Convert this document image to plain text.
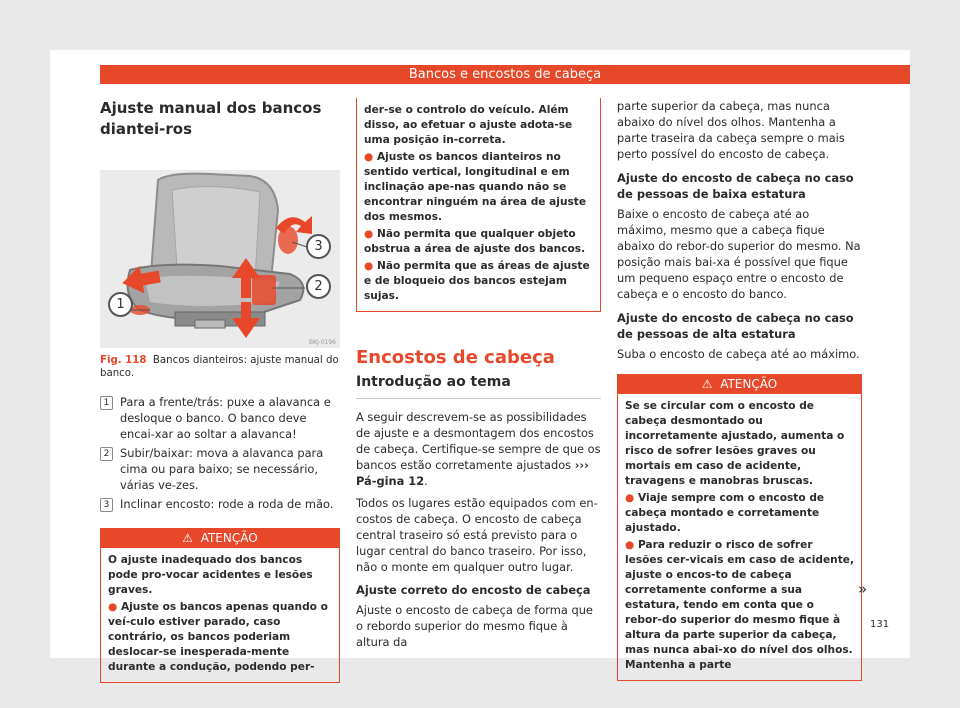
Bancos e encostos de cabeça

Ajuste manual dos bancos diantei-ros

1
2
3
BKJ-0196

Fig. 118 Bancos dianteiros: ajuste manual do banco.

1 Para a frente/trás: puxe a alavanca e desloque o banco. O banco deve encai-xar ao soltar a alavanca!
2 Subir/baixar: mova a alavanca para cima ou para baixo; se necessário, várias ve-zes.
3 Inclinar encosto: rode a roda de mão.
⚠ ATENÇÃO
O ajuste inadequado dos bancos pode pro-vocar acidentes e lesões graves.
● Ajuste os bancos apenas quando o veí-culo estiver parado, caso contrário, os bancos poderiam deslocar-se inesperada-mente durante a condução, podendo per-
der-se o controlo do veículo. Além disso, ao efetuar o ajuste adota-se uma posição in-correta.
● Ajuste os bancos dianteiros no sentido vertical, longitudinal e em inclinação ape-nas quando não se encontrar ninguém na área de ajuste dos mesmos.
● Não permita que qualquer objeto obstrua a área de ajuste dos bancos.
● Não permita que as áreas de ajuste e de bloqueio dos bancos estejam sujas.

Encostos de cabeça

Introdução ao tema

A seguir descrevem-se as possibilidades de ajuste e a desmontagem dos encostos de cabeça. Certifique-se sempre de que os bancos estão corretamente ajustados ››› Pá-gina 12.

Todos os lugares estão equipados com en-costos de cabeça. O encosto de cabeça central traseiro só está previsto para o lugar central do banco traseiro. Por isso, não o monte em qualquer outro lugar.

Ajuste correto do encosto de cabeça

Ajuste o encosto de cabeça de forma que o rebordo superior do mesmo fique à altura da

parte superior da cabeça, mas nunca abaixo do nível dos olhos. Mantenha a parte traseira da cabeça sempre o mais perto possível do encosto de cabeça.

Ajuste do encosto de cabeça no caso de pessoas de baixa estatura

Baixe o encosto de cabeça até ao máximo, mesmo que a cabeça fique abaixo do rebor-do superior do mesmo. Na posição mais bai-xa é possível que fique um pequeno espaço entre o encosto de cabeça e o encosto do banco.

Ajuste do encosto de cabeça no caso de pessoas de alta estatura

Suba o encosto de cabeça até ao máximo.

⚠ ATENÇÃO
Se se circular com o encosto de cabeça desmontado ou incorretamente ajustado, aumenta o risco de sofrer lesões graves ou mortais em caso de acidente, travagens e manobras bruscas.
● Viaje sempre com o encosto de cabeça montado e corretamente ajustado.
● Para reduzir o risco de sofrer lesões cer-vicais em caso de acidente, ajuste o encos-to de cabeça corretamente conforme a sua estatura, tendo em conta que o rebor-do superior do mesmo fique à altura da parte superior da cabeça, mas nunca abai-xo do nível dos olhos. Mantenha a parte
»
131
